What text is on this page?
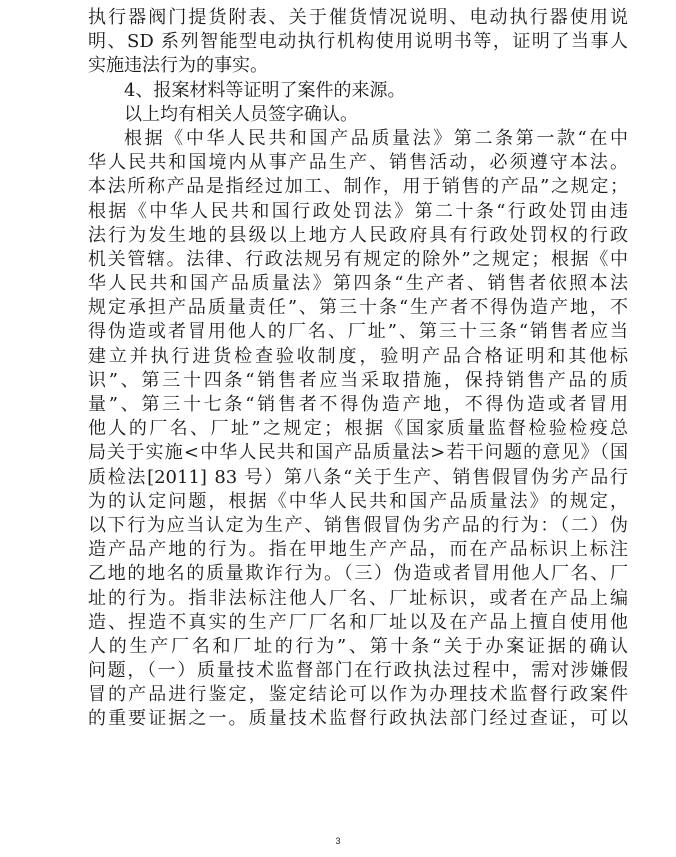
执行器阀门提货附表、关于催货情况说明、电动执行器使用说
明、SD 系列智能型电动执行机构使用说明书等，证明了当事人
实施违法行为的事实。
4、报案材料等证明了案件的来源。
以上均有相关人员签字确认。
根据《中华人民共和国产品质量法》第二条第一款“在中
华人民共和国境内从事产品生产、销售活动，必须遵守本法。
本法所称产品是指经过加工、制作，用于销售的产品”之规定；
根据《中华人民共和国行政处罚法》第二十条“行政处罚由违
法行为发生地的县级以上地方人民政府具有行政处罚权的行政
机关管辖。法律、行政法规另有规定的除外”之规定；根据《中
华人民共和国产品质量法》第四条“生产者、销售者依照本法
规定承担产品质量责任”、第三十条“生产者不得伪造产地，不
得伪造或者冒用他人的厂名、厂址”、第三十三条“销售者应当
建立并执行进货检查验收制度，验明产品合格证明和其他标
识”、第三十四条“销售者应当采取措施，保持销售产品的质
量”、第三十七条“销售者不得伪造产地，不得伪造或者冒用
他人的厂名、厂址”之规定；根据《国家质量监督检验检疫总
局关于实施<中华人民共和国产品质量法>若干问题的意见》（国
质检法[2011] 83 号）第八条“关于生产、销售假冒伪劣产品行
为的认定问题，根据《中华人民共和国产品质量法》的规定，
以下行为应当认定为生产、销售假冒伪劣产品的行为：（二）伪
造产品产地的行为。指在甲地生产产品，而在产品标识上标注
乙地的地名的质量欺诈行为。（三）伪造或者冒用他人厂名、厂
址的行为。指非法标注他人厂名、厂址标识，或者在产品上编
造、捏造不真实的生产厂厂名和厂址以及在产品上擅自使用他
人的生产厂名和厂址的行为”、第十条“关于办案证据的确认
问题，（一）质量技术监督部门在行政执法过程中，需对涉嫌假
冒的产品进行鉴定，鉴定结论可以作为办理技术监督行政案件
的重要证据之一。质量技术监督行政执法部门经过查证，可以
3
